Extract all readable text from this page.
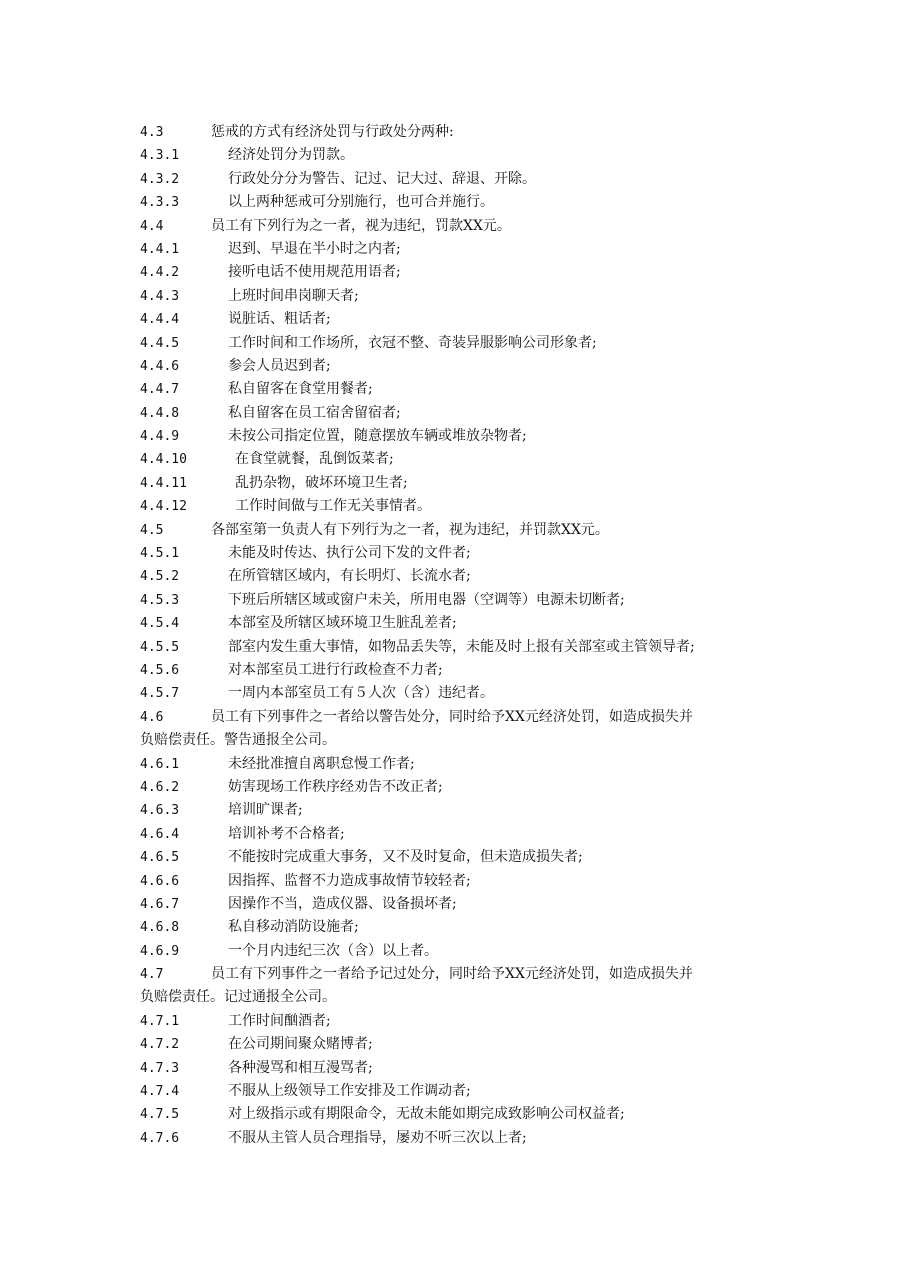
4.3	惩戒的方式有经济处罚与行政处分两种:
4.3.1	经济处罚分为罚款。
4.3.2	行政处分分为警告、记过、记大过、辞退、开除。
4.3.3	以上两种惩戒可分别施行，也可合并施行。
4.4	员工有下列行为之一者，视为违纪，罚款XX元。
4.4.1	迟到、早退在半小时之内者;
4.4.2	接听电话不使用规范用语者;
4.4.3	上班时间串岗聊天者;
4.4.4	说脏话、粗话者;
4.4.5	工作时间和工作场所，衣冠不整、奇装异服影响公司形象者;
4.4.6	参会人员迟到者;
4.4.7	私自留客在食堂用餐者;
4.4.8	私自留客在员工宿舍留宿者;
4.4.9	未按公司指定位置，随意摆放车辆或堆放杂物者;
4.4.10	在食堂就餐，乱倒饭菜者;
4.4.11	乱扔杂物，破坏环境卫生者;
4.4.12	工作时间做与工作无关事情者。
4.5	各部室第一负责人有下列行为之一者，视为违纪，并罚款XX元。
4.5.1	未能及时传达、执行公司下发的文件者;
4.5.2	在所管辖区域内，有长明灯、长流水者;
4.5.3	下班后所辖区域或窗户未关，所用电器（空调等）电源未切断者;
4.5.4	本部室及所辖区域环境卫生脏乱差者;
4.5.5	部室内发生重大事情，如物品丢失等，未能及时上报有关部室或主管领导者;
4.5.6	对本部室员工进行行政检查不力者;
4.5.7	一周内本部室员工有５人次（含）违纪者。
4.6	员工有下列事件之一者给以警告处分，同时给予XX元经济处罚，如造成损失并
负赔偿责任。警告通报全公司。
4.6.1	未经批准擅自离职怠慢工作者;
4.6.2	妨害现场工作秩序经劝告不改正者;
4.6.3	培训旷课者;
4.6.4	培训补考不合格者;
4.6.5	不能按时完成重大事务，又不及时复命，但未造成损失者;
4.6.6	因指挥、监督不力造成事故情节较轻者;
4.6.7	因操作不当，造成仪器、设备损坏者;
4.6.8	私自移动消防设施者;
4.6.9	一个月内违纪三次（含）以上者。
4.7	员工有下列事件之一者给予记过处分，同时给予XX元经济处罚，如造成损失并
负赔偿责任。记过通报全公司。
4.7.1	工作时间酗酒者;
4.7.2	在公司期间聚众赌博者;
4.7.3	各种漫骂和相互漫骂者;
4.7.4	不服从上级领导工作安排及工作调动者;
4.7.5	对上级指示或有期限命令，无故未能如期完成致影响公司权益者;
4.7.6	不服从主管人员合理指导，屡劝不听三次以上者;
